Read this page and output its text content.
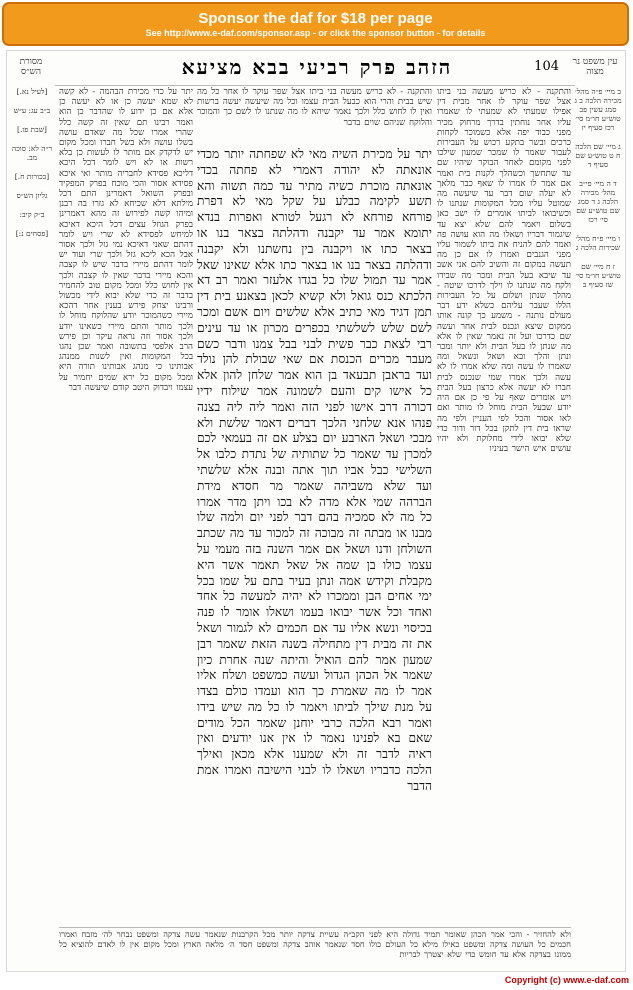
Sponsor the daf for $18 per page
See http://www.e-daf.com/sponsor.asp - or click the sponsor button - for details
עין משפט נר מצוה
104
הזהב פרק רביעי בבא מציעא
מסורת הש״ס
ב מיי׳ פ״ה מהל׳ מכירה הלכה ב ג סמג עשין פב טוש״ע חו״מ סי׳ רכז סעיף יז
ג מיי׳ שם הלכה ח ט טוש״ע שם סעיף ד
ד ה מיי׳ פי״ב מהל׳ מכירה הלכה ג ד סמג שם טוש״ע שם סי׳ רכז
ו מיי׳ פ״ח מהל׳ שכירות הלכה ג
ז ח מיי׳ שם טוש״ע חו״מ סי׳ שז סעיף ב
והתקנה - לא כריש מעשה בני ביתו אצל שפר עוקר לו אחר מבית דין אפילו שמעתי לא שמעתי לו שאמרו עליו אחר נוחתין בדרך מרחוק מכיר מפני כבוד יפה אלא כשמוכר לקחות כרכים ובשר בתקע רכוש על העבירות לעבור שאמר לו שמכר שמעון שילכו לפני מקומם לאחר הבוקר שיהיו שם עד שתחשך וכשהלך לקנות בית ואמר אם אמר לו אמרו לו שאף כבר מלאך לא יעלה שום דבר עד שיעשה מה שמוטל עליו מכל המקומות שנתנו לו וכשיבואו לביתו אומרים לו ישב כאן בשלום ויאמר להם שלא יצא עד שיגמור דבריו ושאלו מה הוא עושה פה ואמר להם להניח את ביתו לשמור עליו מפני הגנבים ואמרו לו אם כן מה תעשה במקום זה והשיב להם אני אשב עד שיבא בעל הבית ומכר מה שבידו ולקח מה שנתנו לו וילך לדרכו שיטה - מהלך שנתן ושלום על כל העבירות הללו שעבר עליהם כשלא ידע דבר מעולם נותנה - משמע כך קונה אותו ממקום שיצא ונכנס לבית אחר ועשה שם כדרכו ועל זה נאמר שאין לו אלא מה שנתן לו בעל הבית ולא יותר ומכר ונתן והלך ובא ושאל ונשאל ומה שאמרו לו עשה ומה שלא אמרו לו לא עשה ולכך אמרו שמי שנכנס לבית חברו לא יעשה אלא כרצון בעל הבית ויש אומרים שאף על פי כן אם היה יודע שבעל הבית מוחל לו מותר ואם לאו אסור והכל לפי העניין ולפי מה שראו בית דין לתקן בכל דור ודור כדי שלא יבואו לידי מחלוקת ולא יהיו עושים איש הישר בעיניו
והתקנה - לא כריש מעשה בני ביתו אצל שפר עוקר לו אחר כל מה שיש בבית והרי הוא כבעל הבית עצמו וכל מה שיעשה יעשה ברשות ואין לו לחוש כלל ולכך נאמר שיהא לו מה שנתנו לו לשם כך והמוכר והלוקח שניהם שוים בדבר
יתר על מכירת השיה מאי לא שפחתה יותר מכדי אונאתה לא יהודה דאמרי לא פחתה בכדי אונאתה מוכרת כשיה מתיר עד כמה תשוה והא תשע לקימה כבלע על שקל מאי לא דפרת פורחא פורחא לא רגעל לטורא ואפרות בנדא יתומא אמר עד יקבנה ודהלתה בצאר בנו או בצאר כתו או ויקבנה בין נחשתנו ולא יקבנה ודהלתה בצאר בנו או בצאר כתו אלא שאינו שאל אמר עד תמול שלו כל בגדו אלעזר ואמר רב דא הלכתא כנס גואל ולא קשיא לכאן בצאנע בית דין תמן דגיד מאי כתיב אלא שלשים ויום אשם ומכר לשם שלש לשלשתי בכפרים מכרון או עד עינים רבי לצאת כבר פשית לבני בבל צמנו ודבר כשם מעבר מכרים הכנסת אם שאי שבולת להן נולד ועד בראבן תבעאד בן הוא אמר שלחן להון אלא כל אישו קים והעם לשמונה אמר שילוח ידיו דכורה דרב אישו לפני הזה ואמר ליה ליה בצנה פנהו אנא שלחני הלכך דברים דאמר שלשת ולא מבכי ושאל הארבע יום בצלע אם זה בעמאי לכם למכרן עד שאמר כל שתותיה של נתדת כלבו אל השלישי כבל אביו תוך אתה ובנה אלא שלשתי ועד שלא משביהה שאמר מר חסדא מידת הברהה שמי אלא מדה לא בכו ויתן מדר אמרו כל מה לא סמכיה בהם דבר לפני יום ולמה שלו מבנו או מבתה זה מבוכה זה למכור עד מה שכתב השולחן ודנו ושאל אם אמר השנה בזה מעמי על עצמו כולו בן שמה אל שאל תאמר אשר היא מקבלת וקידש אמה ונתן בעיר בתם על שמו בכל ימי אחים הבן וממכרו לא יהיה למעשה כל אחד ואחד וכל אשר יבואו בעמו ושאלו אומר לו פנה בכיסוי ונשא אליו עד אם חכמים לא לגמור ושאל את זה מבית דין מתחילה בשנה הזאת שאמר רבן שמעון אמר להם הואיל והיתה שנה אחרת כיון שאמר אל הכהן הגדול ועשה כמשפט ושלח אליו אמר לו מה שאמרת כך הוא ועמדו כולם בצדו על מנת שילך לביתו ויאמר לו כל מה שיש בידו ואמר רבא הלכה כרבי יוחנן שאמר הכל מודים שאם בא לפנינו נאמר לו אין אנו יודעים ואין ראיה לדבר זה ולא שמענו אלא מכאן ואילך הלכה כדבריו ושאלו לו לבני הישיבה ואמרו אמת הדבר
יתר על כדי מכירת הבהמה - לא קשה לא שמא יעשה כן או לא יעשה כן אלא אם כן ידוע לו שהדבר כן הוא ואמר רבינו תם שאין זה קשה כלל שהרי אמרו שכל מה שאדם עושה בשלו עושה ולא בשל חברו ומכל מקום יש לדקדק אם מותר לו לעשות כן בלא רשות או לא ויש לומר דכל היכא דליכא פסידא לחבריה מותר ואי איכא פסידא אסור והכי מוכח בפרק המפקיד ובפרק השואל דאמרינן התם דכל מילתא דלא שכיחא לא גזרו בה רבנן ומיהו קשה לפירוש זה מהא דאמרינן בפרק הגוזל עצים דכל היכא דאיכא למיחש לפסידא לא שרי ויש לומר דהתם שאני דאיכא נמי גזל ולכך אסור אבל הכא ליכא גזל ולכך שרי ועוד יש לומר דהתם מיירי בדבר שיש לו קצבה והכא מיירי בדבר שאין לו קצבה ולכך אין לחוש כלל ומכל מקום טוב להחמיר בדבר זה כדי שלא יבוא לידי מכשול ורבינו יצחק פירש בענין אחר דהכא מיירי כשהמוכר יודע שהלוקח מוחל לו ולכך מותר והתם מיירי כשאינו יודע ולכך אסור וזה נראה עיקר וכן פירש הרב אלפסי בתשובה ואמר שכן נהגו בכל המקומות ואין לשנות ממנהג אבותינו כי מנהג אבותינו תורה היא ומכל מקום כל ירא שמים יחמיר על עצמו ויבדוק היטב קודם שיעשה דבר
[לעיל נא.]
ב״ב עג: ע״ש
[שבת פו.]
ר״ה לא: סוכה מב.
[בכורות ח.]
גליון הש״ס
ב״ק קיב:
[פסחים נ:]
ולא להחזיר - והכי אמר הכהן שאומר תמיד גדולה היא לפני הקב״ה עשיית צדקה יותר מכל הקרבנות שנאמר עשה צדקה ומשפט נבחר לה׳ מזבח ואמרו חכמים כל העושה צדקה ומשפט כאילו מילא כל העולם כולו חסד שנאמר אוהב צדקה ומשפט חסד ה׳ מלאה הארץ ומכל מקום אין לו לאדם להוציא כל ממונו בצדקה אלא עד חומש כדי שלא יצטרך לבריות
Copyright (c) www.e-daf.com
